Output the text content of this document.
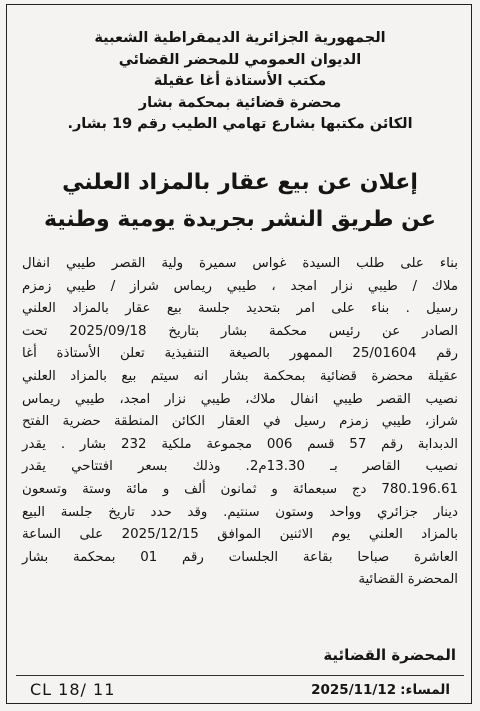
الجمهورية الجزائرية الديمقراطية الشعبية
الديوان العمومي للمحضر القضائي
مكتب الأستاذة أغا عقيلة
محضرة قضائية بمحكمة بشار
الكائن مكتبها بشارع تهامي الطيب رقم 19 بشار.
إعلان عن بيع عقار بالمزاد العلني
عن طريق النشر بجريدة يومية وطنية
بناء على طلب السيدة غواس سميرة ولية القصر طيبي انفال
ملاك / طيبي نزار امجد ، طيبي ريماس شراز / طيبي زمزم
رسيل . بناء على امر بتحديد جلسة بيع عقار بالمزاد العلني
الصادر عن رئيس محكمة بشار بتاريخ 2025/09/18 تحت
رقم 25/01604 الممهور بالصيغة التنفيذية تعلن الأستاذة أغا
عقيلة محضرة قضائية بمحكمة بشار انه سيتم بيع بالمزاد العلني
نصيب القصر طيبي انفال ملاك، طيبي نزار امجد، طيبي ريماس
شراز، طيبي زمزم رسيل في العقار الكائن المنطقة حضرية الفتح
الدبدابة رقم 57 قسم 006 مجموعة ملكية 232 بشار . يقدر
نصيب القاصر بـ 13.30م2. وذلك بسعر افتتاحي يقدر
780.196.61 دج سبعمائة و ثمانون ألف و مائة وستة وتسعون
دينار جزائري وواحد وستون سنتيم. وقد حدد تاريخ جلسة البيع
بالمزاد العلني يوم الاثنين الموافق 2025/12/15 على الساعة
العاشرة صباحا بقاعة الجلسات رقم 01 بمحكمة بشار
المحضرة القضائية
المحضرة القضائية
CL 18/ 11	المساء:2025/11/12
